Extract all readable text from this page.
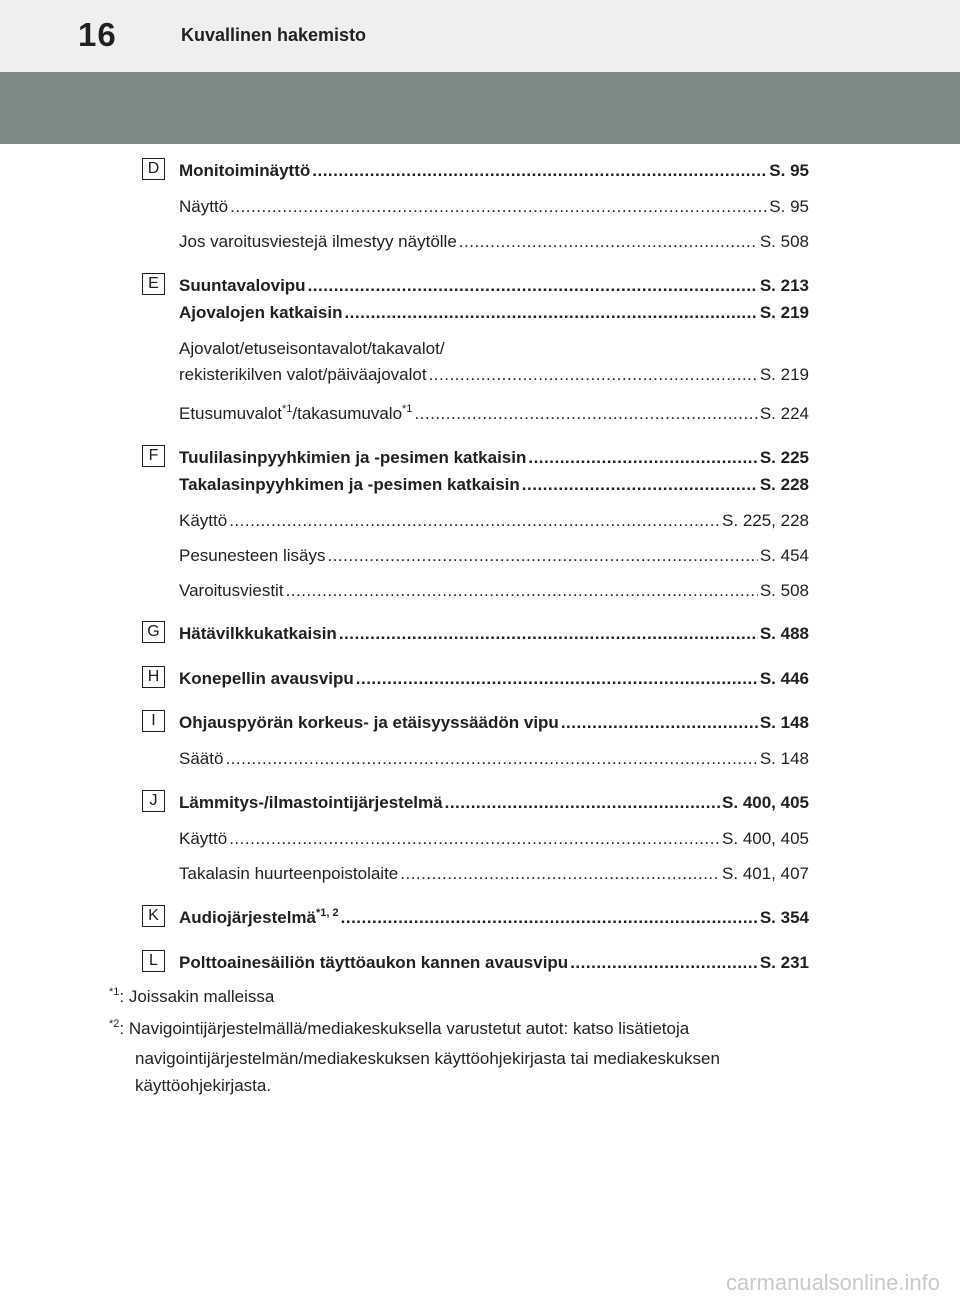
16	Kuvallinen hakemisto
D	Monitoiminäyttö .....	S. 95
Näyttö .....	S. 95
Jos varoitusviestejä ilmestyy näytölle .....	S. 508
E	Suuntavalovipu .....	S. 213
Ajovalojen katkaisin .....	S. 219
Ajovalot/etuseisontavalot/takavalot/
rekisterikilven valot/päiväajovalot .....	S. 219
Etusumuvalot$^{*1}$/takasumuvalo$^{*1}$ .....	S. 224
F	Tuulilasinpyyhkimien ja -pesimen katkaisin .....	S. 225
Takalasinpyyhkimen ja -pesimen katkaisin .....	S. 228
Käyttö .....	S. 225, 228
Pesunesteen lisäys .....	S. 454
Varoitusviestit .....	S. 508
G	Hätävilkkukatkaisin .....	S. 488
H	Konepellin avausvipu .....	S. 446
I	Ohjauspyörän korkeus- ja etäisyyssäädön vipu .....	S. 148
Säätö .....	S. 148
J	Lämmitys-/ilmastointijärjestelmä .....	S. 400, 405
Käyttö .....	S. 400, 405
Takalasin huurteenpoistolaite .....	S. 401, 407
K	Audiojärjestelmä$^{*1, 2}$ .....	S. 354
L	Polttoainesäiliön täyttöaukon kannen avausvipu .....	S. 231
$^{*1}$: Joissakin malleissa
$^{*2}$: Navigointijärjestelmällä/mediakeskuksella varustetut autot: katso lisätietoja
navigointijärjestelmän/mediakeskuksen käyttöohjekirjasta tai mediakeskuksen
käyttöohjekirjasta.
carmanualsonline.info
